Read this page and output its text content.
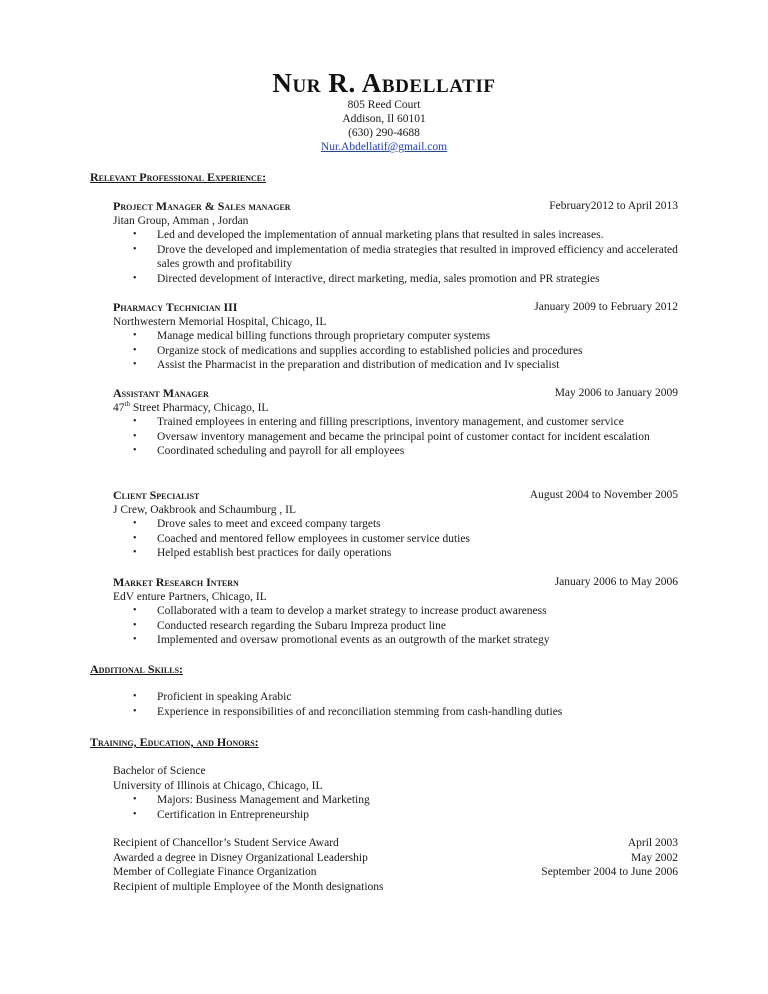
Nur R. Abdellatif
805 Reed Court
Addison, Il 60101
(630) 290-4688
Nur.Abdellatif@gmail.com
Relevant Professional Experience:
Project Manager & Sales manager	February2012 to April 2013
Jitan Group, Amman , Jordan
• Led and developed the implementation of annual marketing plans that resulted in sales increases.
• Drove the developed and implementation of media strategies that resulted in improved efficiency and accelerated sales growth and profitability
• Directed development of interactive, direct marketing, media, sales promotion and PR strategies
Pharmacy Technician III	January 2009 to February 2012
Northwestern Memorial Hospital, Chicago, IL
• Manage medical billing functions through proprietary computer systems
• Organize stock of medications and supplies according to established policies and procedures
• Assist the Pharmacist in the preparation and distribution of medication and Iv specialist
Assistant Manager	May 2006 to January 2009
47th Street Pharmacy, Chicago, IL
• Trained employees in entering and filling prescriptions, inventory management, and customer service
• Oversaw inventory management and became the principal point of customer contact for incident escalation
• Coordinated scheduling and payroll for all employees
Client Specialist	August 2004 to November 2005
J Crew, Oakbrook and Schaumburg , IL
• Drove sales to meet and exceed company targets
• Coached and mentored fellow employees in customer service duties
• Helped establish best practices for daily operations
Market Research Intern	January 2006 to May 2006
EdV enture Partners, Chicago, IL
• Collaborated with a team to develop a market strategy to increase product awareness
• Conducted research regarding the Subaru Impreza product line
• Implemented and oversaw promotional events as an outgrowth of the market strategy
Additional Skills:
• Proficient in speaking Arabic
• Experience in responsibilities of and reconciliation stemming from cash-handling duties
Training, Education, and Honors:
Bachelor of Science
University of Illinois at Chicago, Chicago, IL
• Majors: Business Management and Marketing
• Certification in Entrepreneurship
Recipient of Chancellor’s Student Service Award	April 2003
Awarded a degree in Disney Organizational Leadership	May 2002
Member of Collegiate Finance Organization	September 2004 to June 2006
Recipient of multiple Employee of the Month designations
